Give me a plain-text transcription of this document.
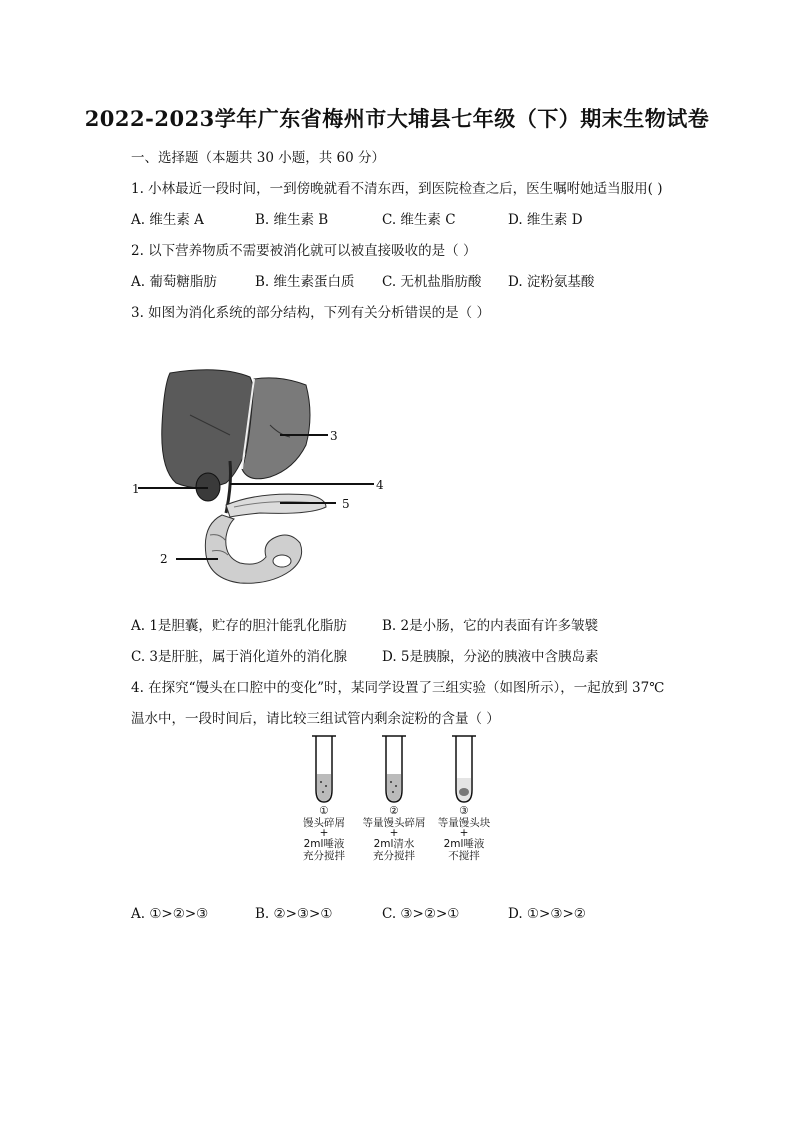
2022-2023学年广东省梅州市大埔县七年级（下）期末生物试卷
一、选择题（本题共 30 小题，共 60 分）
1. 小林最近一段时间，一到傍晚就看不清东西，到医院检查之后，医生嘱咐她适当服用( )
A. 维生素 A	B. 维生素 B	C. 维生素 C	D. 维生素 D
2. 以下营养物质不需要被消化就可以被直接吸收的是（ ）
A. 葡萄糖脂肪	B. 维生素蛋白质 C. 无机盐脂肪酸 D. 淀粉氨基酸
3. 如图为消化系统的部分结构，下列有关分析错误的是（ ）
1
2
3
4
5
A. 1是胆囊，贮存的胆汁能乳化脂肪	B. 2是小肠，它的内表面有许多皱襞
C. 3是肝脏，属于消化道外的消化腺	D. 5是胰腺，分泌的胰液中含胰岛素
4. 在探究“馒头在口腔中的变化”时，某同学设置了三组实验（如图所示），一起放到 37℃
温水中，一段时间后，请比较三组试管内剩余淀粉的含量（ ）
①
馒头碎屑
+
2ml唾液
充分搅拌
②
等量馒头碎屑
+
2ml清水
充分搅拌
③
等量馒头块
+
2ml唾液
不搅拌
A. ①>②>③	B. ②>③>①	C. ③>②>①	D. ①>③>②
